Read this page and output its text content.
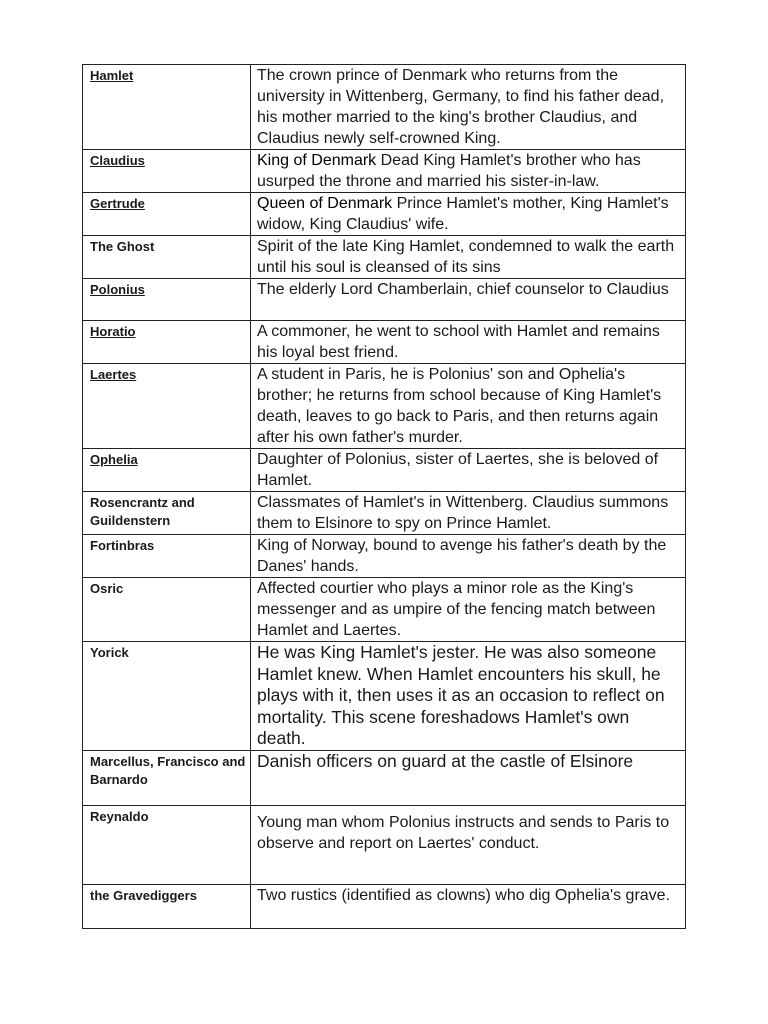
Hamlet	The crown prince of Denmark who returns from the university in Wittenberg, Germany, to find his father dead, his mother married to the king's brother Claudius, and Claudius newly self-crowned King.
Claudius	King of Denmark Dead King Hamlet's brother who has usurped the throne and married his sister-in-law.
Gertrude	Queen of Denmark Prince Hamlet's mother, King Hamlet's widow, King Claudius' wife.
The Ghost	Spirit of the late King Hamlet, condemned to walk the earth until his soul is cleansed of its sins
Polonius	The elderly Lord Chamberlain, chief counselor to Claudius
Horatio	A commoner, he went to school with Hamlet and remains his loyal best friend.
Laertes	A student in Paris, he is Polonius' son and Ophelia's brother; he returns from school because of King Hamlet's death, leaves to go back to Paris, and then returns again after his own father's murder.
Ophelia	Daughter of Polonius, sister of Laertes, she is beloved of Hamlet.
Rosencrantz and Guildenstern	Classmates of Hamlet's in Wittenberg. Claudius summons them to Elsinore to spy on Prince Hamlet.
Fortinbras	King of Norway, bound to avenge his father's death by the Danes' hands.
Osric	Affected courtier who plays a minor role as the King's messenger and as umpire of the fencing match between Hamlet and Laertes.
Yorick	He was King Hamlet's jester. He was also someone Hamlet knew. When Hamlet encounters his skull, he plays with it, then uses it as an occasion to reflect on mortality. This scene foreshadows Hamlet's own death.
Marcellus, Francisco and Barnardo	Danish officers on guard at the castle of Elsinore
Reynaldo	Young man whom Polonius instructs and sends to Paris to observe and report on Laertes' conduct.
the Gravediggers	Two rustics (identified as clowns) who dig Ophelia's grave.
